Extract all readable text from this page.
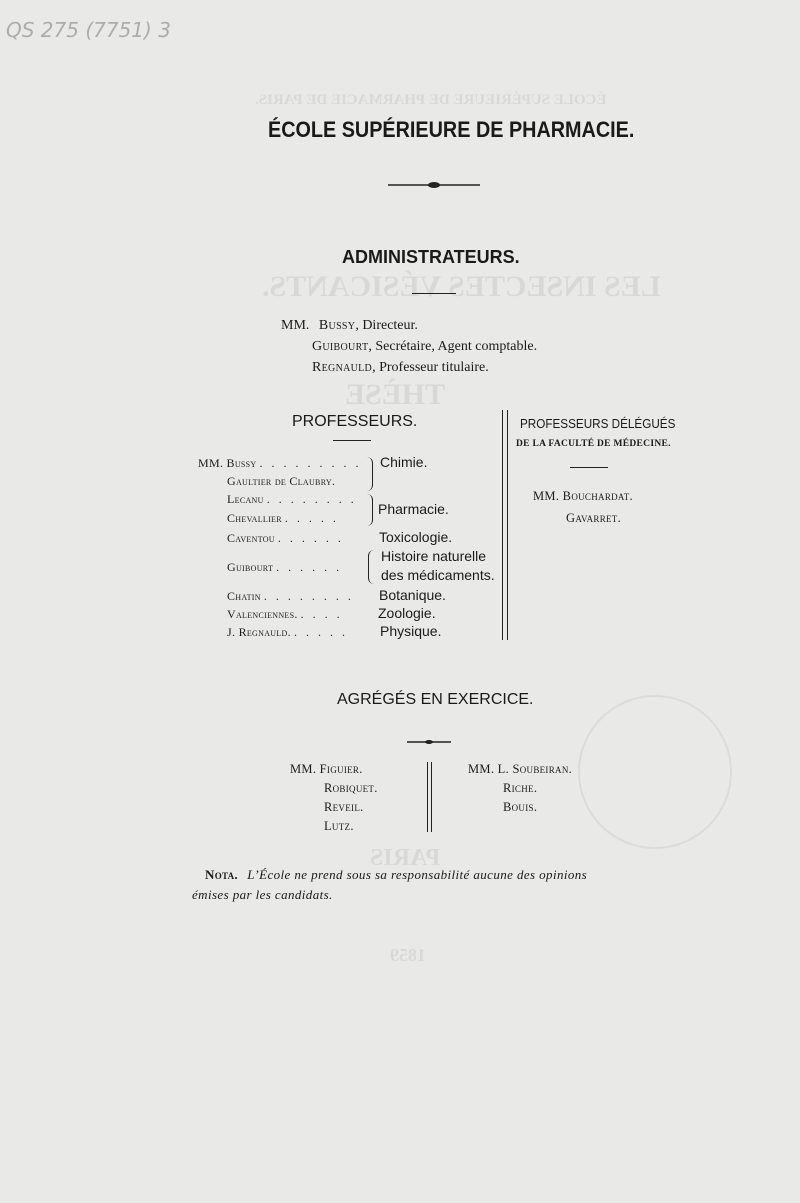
ÉCOLE SUPÉRIEURE DE PHARMACIE DE PARIS.
LES INSECTES VÉSICANTS.
THÈSE
PARIS
1859
QS 275 (7751) 3
ÉCOLE SUPÉRIEURE DE PHARMACIE.
ADMINISTRATEURS.
MM. Bussy, Directeur.
Guibourt, Secrétaire, Agent comptable.
Regnauld, Professeur titulaire.
PROFESSEURS.
MM. Bussy . . . . . . . . . Chimie.
Gaultier de Claubry.
Lecanu . . . . . . . .
Chevallier . . . . .
Pharmacie.
Caventou . . . . . .	Toxicologie.
Guibourt . . . . . .
Histoire naturelle
des médicaments.
Chatin . . . . . . . . Botanique.
Valenciennes. . . . .	Zoologie.
J. Regnauld. . . . . . Physique.
PROFESSEURS DÉLÉGUÉS
DE LA FACULTÉ DE MÉDECINE.
MM. Bouchardat.
Gavarret.
AGRÉGÉS EN EXERCICE.
MM. Figuier.
Robiquet.
Reveil.
Lutz.
MM. L. Soubeiran.
Riche.
Bouis.
Nota. L’École ne prend sous sa responsabilité aucune des opinions
émises par les candidats.
